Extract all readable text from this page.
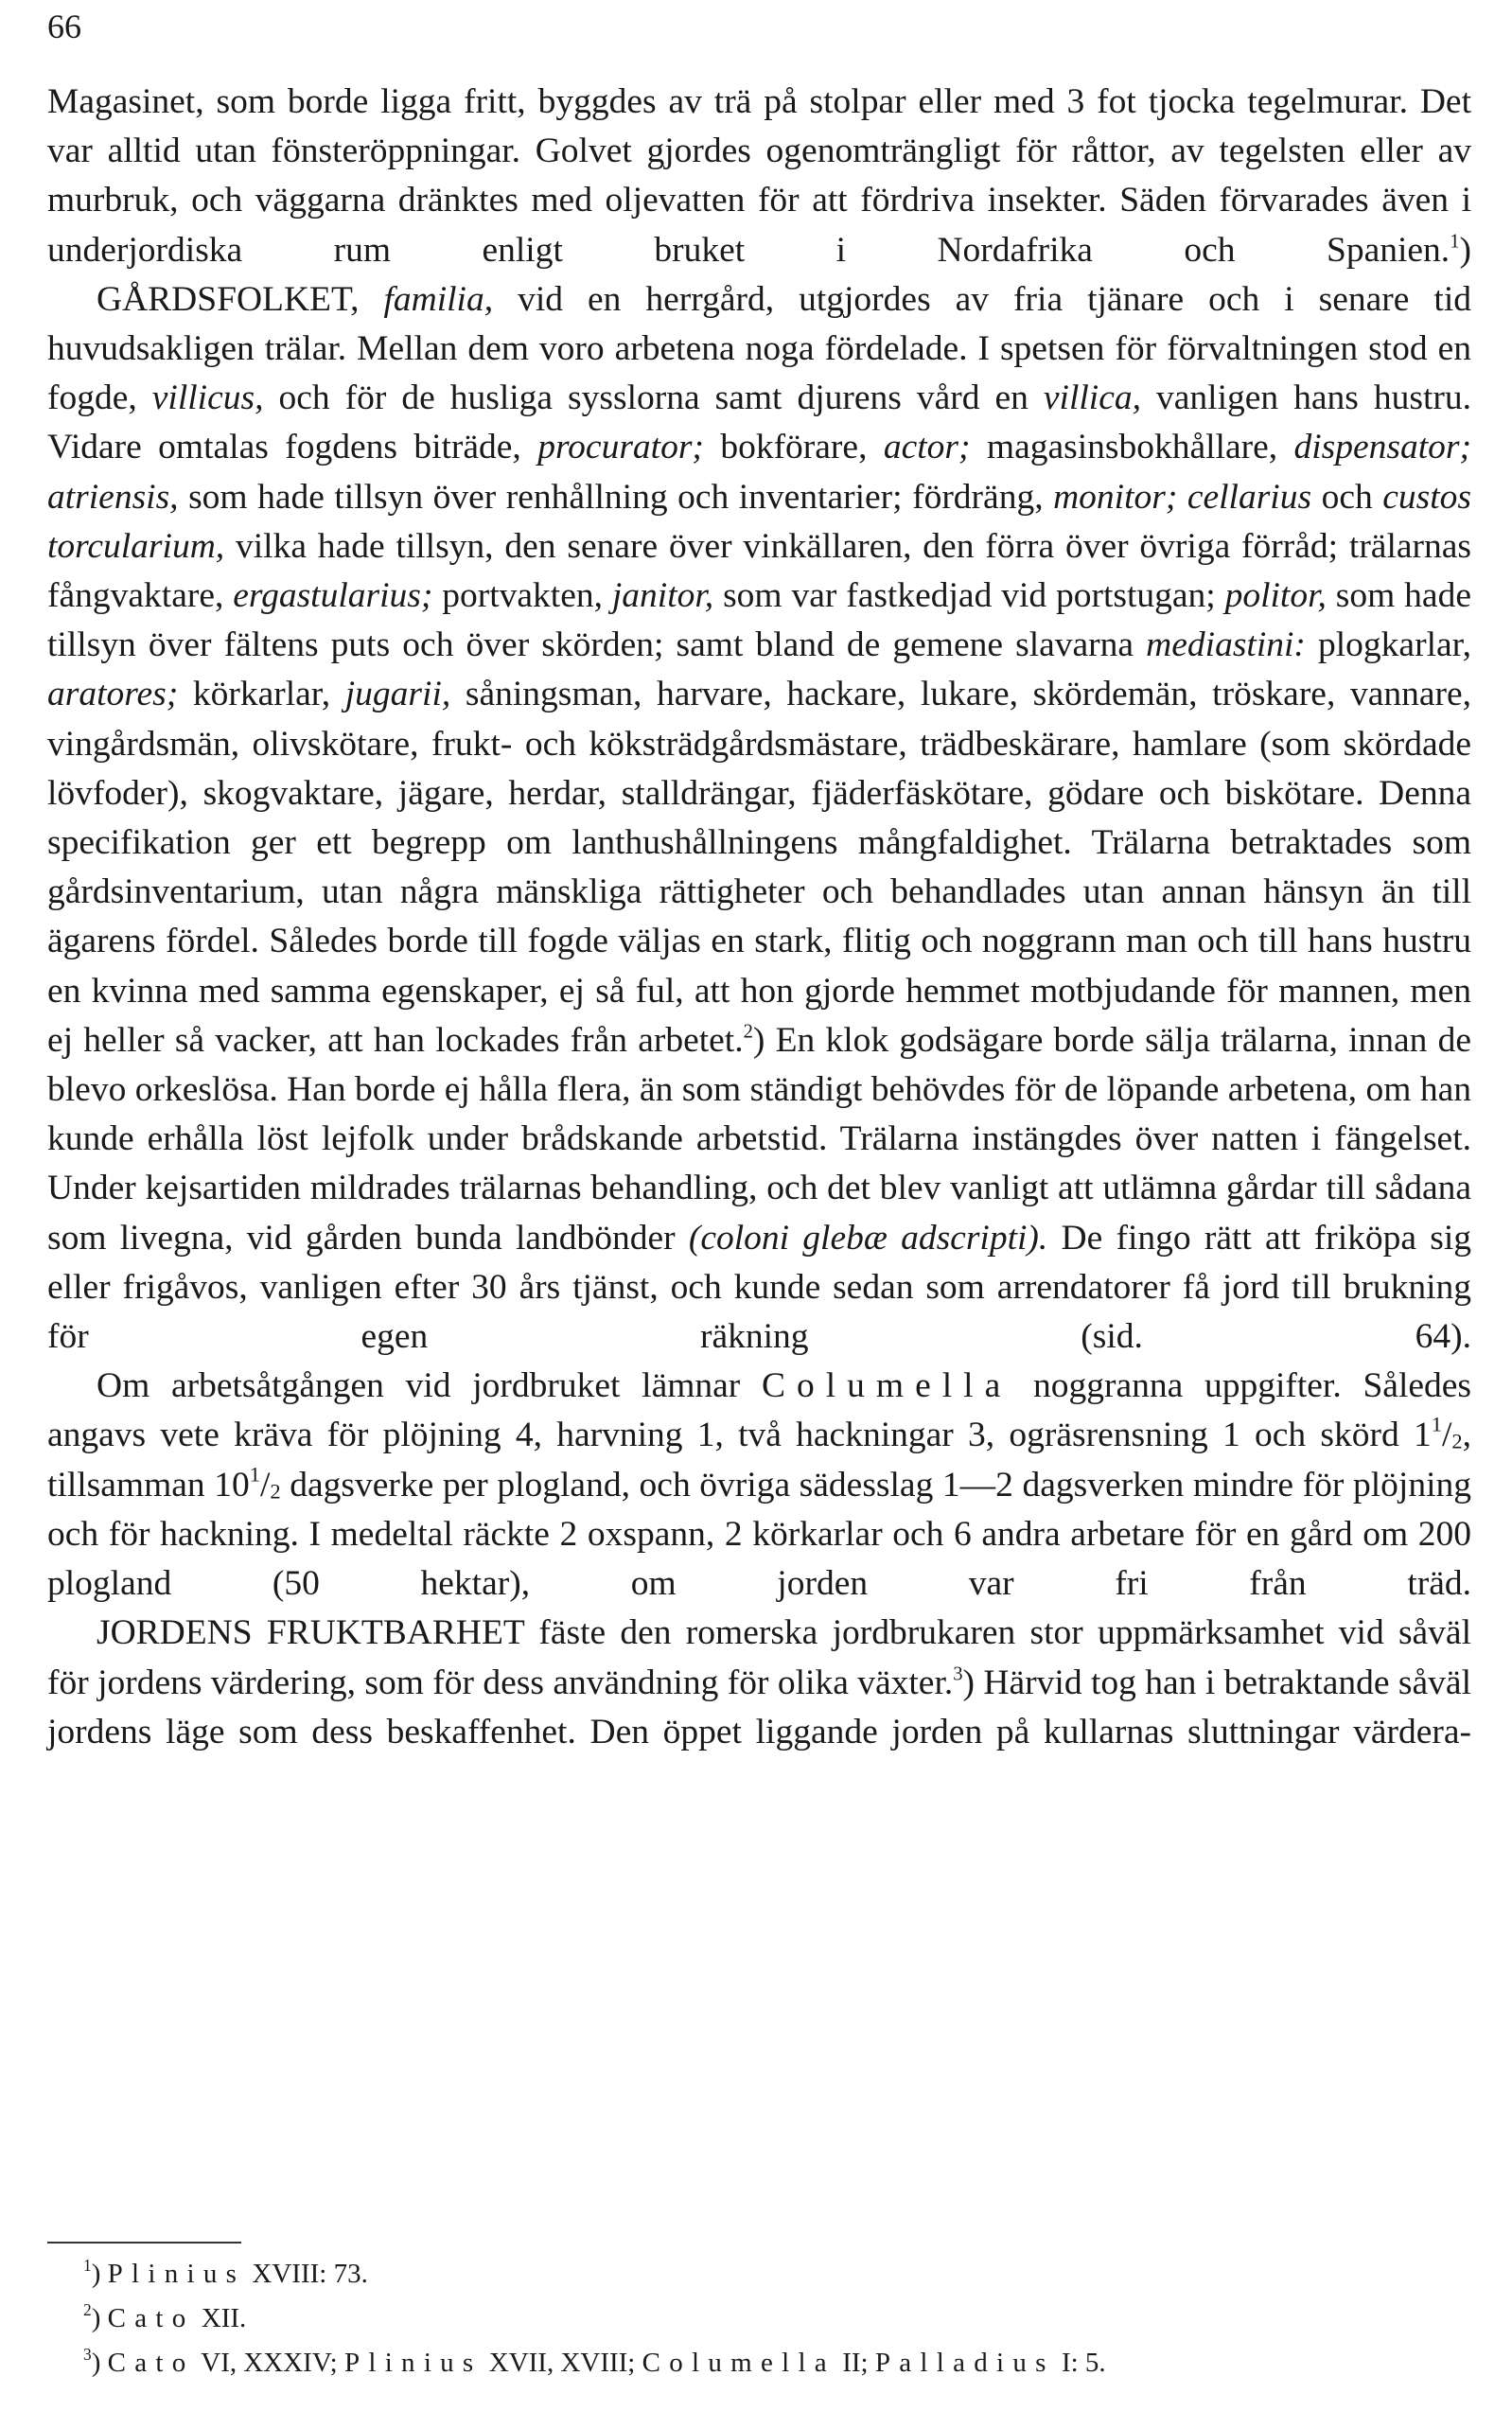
66

Magasinet, som borde ligga fritt, byggdes av trä på stolpar eller med 3 fot tjocka tegelmurar. Det var alltid utan fönsteröppningar. Golvet gjordes ogenomträngligt för råttor, av tegelsten eller av murbruk, och väggarna dränktes med oljevatten för att fördriva insekter. Säden förvarades även i underjordiska rum enligt bruket i Nordafrika och Spanien.$^1$)

GÅRDSFOLKET, familia, vid en herrgård, utgjordes av fria tjänare och i senare tid huvudsakligen trälar. Mellan dem voro arbetena noga fördelade. I spetsen för förvaltningen stod en fogde, villicus, och för de husliga sysslorna samt djurens vård en villica, vanligen hans hustru. Vidare omtalas fogdens biträde, procurator; bokförare, actor; magasinsbokhållare, dispensator; atriensis, som hade tillsyn över renhållning och inventarier; fördräng, monitor; cellarius och custos torcularium, vilka hade tillsyn, den senare över vinkällaren, den förra över övriga förråd; trälarnas fångvaktare, ergastularius; portvakten, janitor, som var fastkedjad vid portstugan; politor, som hade tillsyn över fältens puts och över skörden; samt bland de gemene slavarna mediastini: plogkarlar, aratores; körkarlar, jugarii, såningsman, harvare, hackare, lukare, skördemän, tröskare, vannare, vingårdsmän, olivskötare, frukt- och köksträdgårdsmästare, trädbeskärare, hamlare (som skördade lövfoder), skogvaktare, jägare, herdar, stalldrängar, fjäderfäskötare, gödare och biskötare. Denna specifikation ger ett begrepp om lanthushållningens mångfaldighet. Trälarna betraktades som gårdsinventarium, utan några mänskliga rättigheter och behandlades utan annan hänsyn än till ägarens fördel. Således borde till fogde väljas en stark, flitig och noggrann man och till hans hustru en kvinna med samma egenskaper, ej så ful, att hon gjorde hemmet motbjudande för mannen, men ej heller så vacker, att han lockades från arbetet.$^2$) En klok godsägare borde sälja trälarna, innan de blevo orkeslösa. Han borde ej hålla flera, än som ständigt behövdes för de löpande arbetena, om han kunde erhålla löst lejfolk under brådskande arbetstid. Trälarna instängdes över natten i fängelset. Under kejsartiden mildrades trälarnas behandling, och det blev vanligt att utlämna gårdar till sådana som livegna, vid gården bunda landbönder (coloni glebæ adscripti). De fingo rätt att friköpa sig eller frigåvos, vanligen efter 30 års tjänst, och kunde sedan som arrendatorer få jord till brukning för egen räkning (sid. 64).

Om arbetsåtgången vid jordbruket lämnar Columella noggranna uppgifter. Således angavs vete kräva för plöjning 4, harvning 1, två hackningar 3, ogräsrensning 1 och skörd $1^1/_2$, tillsamman $10^1/_2$ dagsverke per plogland, och övriga sädesslag 1—2 dagsverken mindre för plöjning och för hackning. I medeltal räckte 2 oxspann, 2 körkarlar och 6 andra arbetare för en gård om 200 plogland (50 hektar), om jorden var fri från träd.

JORDENS FRUKTBARHET fäste den romerska jordbrukaren stor uppmärksamhet vid såväl för jordens värdering, som för dess användning för olika växter.$^3$) Härvid tog han i betraktande såväl jordens läge som dess beskaffenhet. Den öppet liggande jorden på kullarnas sluttningar värdera-

$^1$) Plinius XVIII: 73.

$^2$) Cato XII.

$^3$) Cato VI, XXXIV; Plinius XVII, XVIII; Columella II; Palladius I: 5.
